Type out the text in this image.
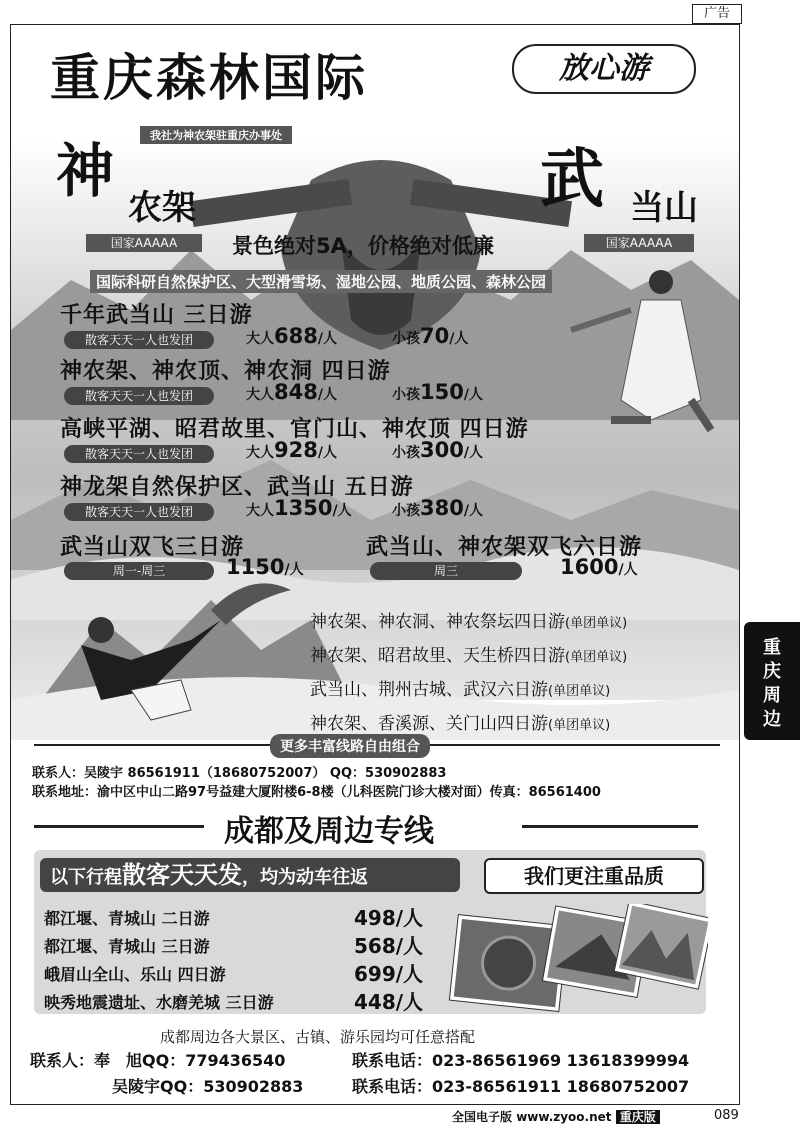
广告
重庆森林国际	放心游
我社为神农架驻重庆办事处
神
农架	武 当山
国家AAAAA	国家AAAAA
景色绝对5A，价格绝对低廉
国际科研自然保护区、大型滑雪场、湿地公园、地质公园、森林公园
千年武当山 三日游
散客天天一人也发团	大人688/人	小孩70/人
神农架、神农顶、神农洞 四日游
散客天天一人也发团	大人848/人	小孩150/人
高峡平湖、昭君故里、官门山、神农顶 四日游
散客天天一人也发团	大人928/人	小孩300/人
神龙架自然保护区、武当山 五日游
散客天天一人也发团	大人1350/人	小孩380/人
武当山双飞三日游
周一-周三	1150/人
武当山、神农架双飞六日游
周三	1600/人
神农架、神农洞、神农祭坛四日游(单团单议)
神农架、昭君故里、天生桥四日游(单团单议)
武当山、荆州古城、武汉六日游(单团单议)
神农架、香溪源、关门山四日游(单团单议)
更多丰富线路自由组合
联系人：吴陵宇 86561911（18680752007） QQ：530902883
联系地址：渝中区中山二路97号益建大厦附楼6-8楼（儿科医院门诊大楼对面）传真：86561400
成都及周边专线
以下行程散客天天发，均为动车往返	我们更注重品质
都江堰、青城山 二日游	498/人
都江堰、青城山 三日游	568/人
峨眉山全山、乐山 四日游	699/人
映秀地震遗址、水磨羌城 三日游	448/人
成都周边各大景区、古镇、游乐园均可任意搭配
联系人：奉　旭QQ：779436540	联系电话：023-86561969 13618399994
吴陵宇QQ：530902883	联系电话：023-86561911 18680752007
重
庆
周
边
全国电子版 www.zyoo.net 重庆版	089
